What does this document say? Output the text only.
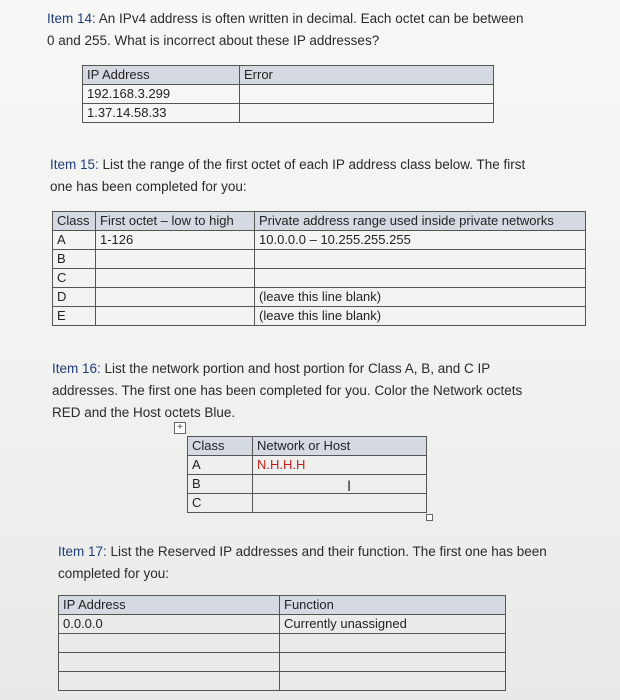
Item 14: An IPv4 address is often written in decimal. Each octet can be between
0 and 255. What is incorrect about these IP addresses?
IP Address	Error
192.168.3.299	
1.37.14.58.33	
Item 15: List the range of the first octet of each IP address class below. The first
one has been completed for you:
Class	First octet – low to high	Private address range used inside private networks
A	1-126	10.0.0.0 – 10.255.255.255
B		
C		
D		(leave this line blank)
E		(leave this line blank)
Item 16: List the network portion and host portion for Class A, B, and C IP
addresses. The first one has been completed for you. Color the Network octets
RED and the Host octets Blue.
+
Class	Network or Host
A	N.H.H.H
B	
C	
I
Item 17: List the Reserved IP addresses and their function. The first one has been
completed for you:
IP Address	Function
0.0.0.0	Currently unassigned
